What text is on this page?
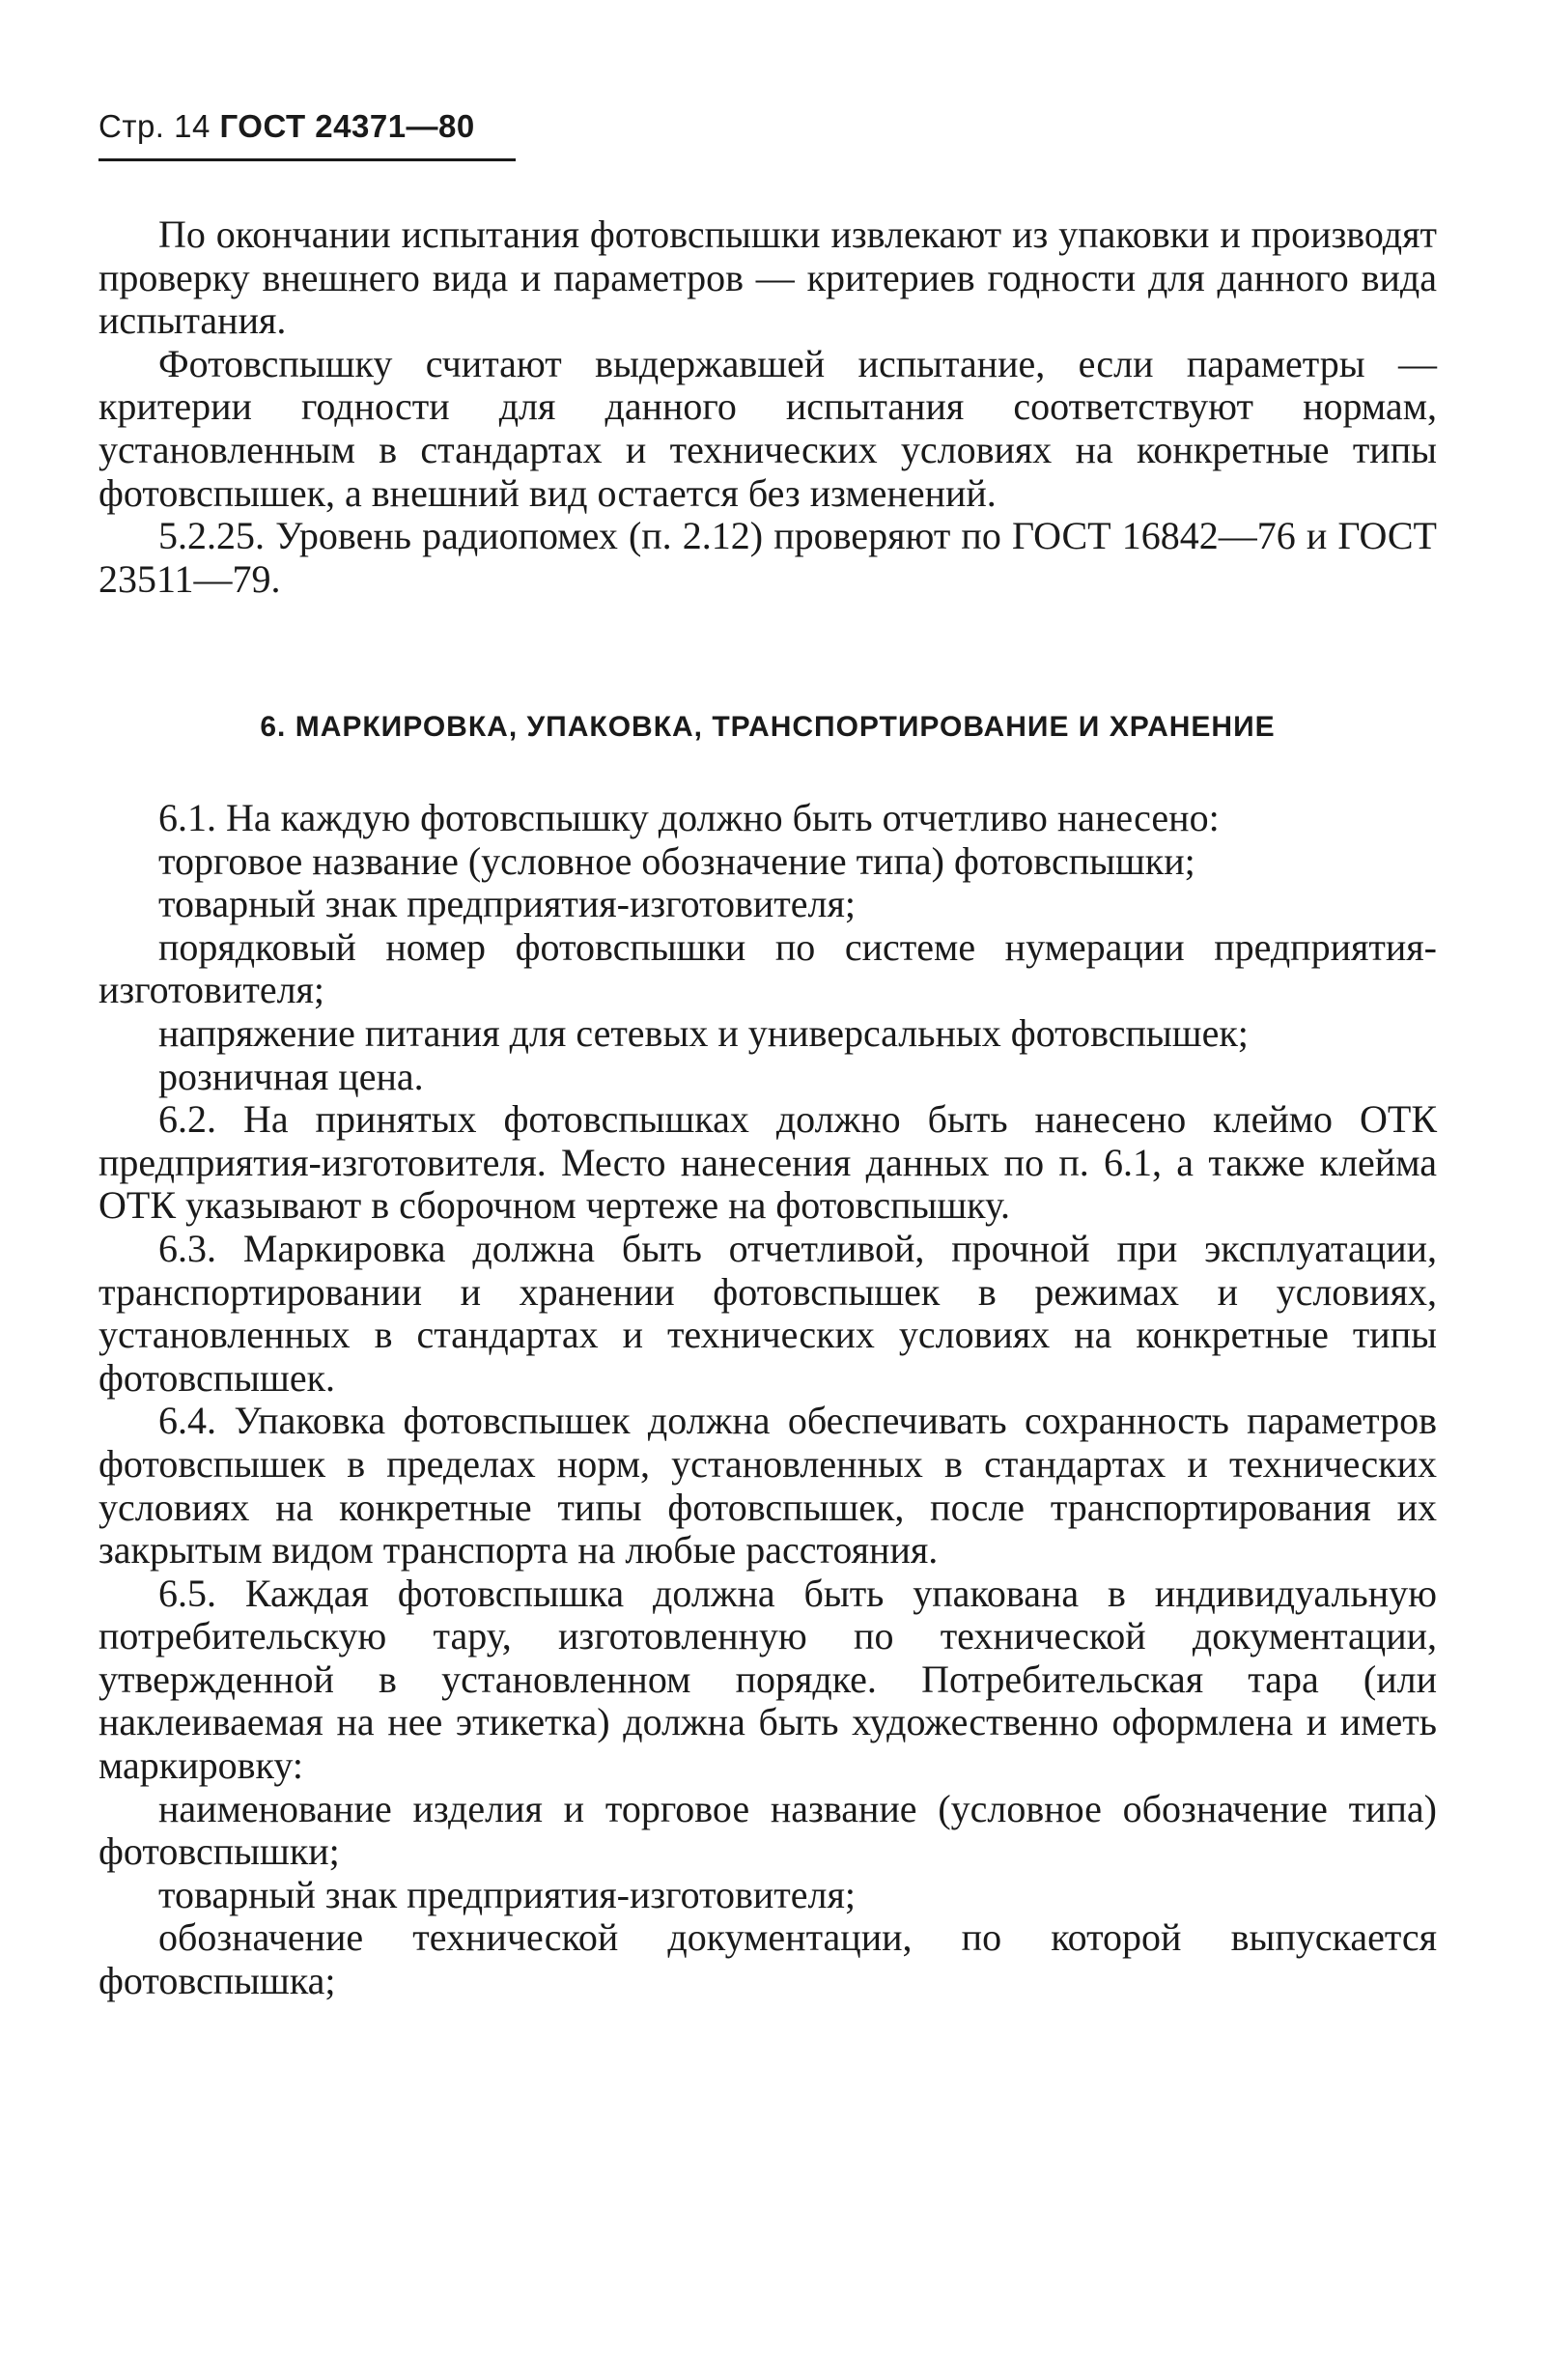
Стр. 14 ГОСТ 24371—80

По окончании испытания фотовспышки извлекают из упаковки и производят проверку внешнего вида и параметров — критериев годности для данного вида испытания.

Фотовспышку считают выдержавшей испытание, если параметры — критерии годности для данного испытания соответствуют нормам, установленным в стандартах и технических условиях на конкретные типы фотовспышек, а внешний вид остается без изменений.

5.2.25. Уровень радиопомех (п. 2.12) проверяют по ГОСТ 16842—76 и ГОСТ 23511—79.

6. МАРКИРОВКА, УПАКОВКА, ТРАНСПОРТИРОВАНИЕ И ХРАНЕНИЕ

6.1. На каждую фотовспышку должно быть отчетливо нанесено:

торговое название (условное обозначение типа) фотовспышки;

товарный знак предприятия-изготовителя;

порядковый номер фотовспышки по системе нумерации предприятия-изготовителя;

напряжение питания для сетевых и универсальных фотовспышек;

розничная цена.

6.2. На принятых фотовспышках должно быть нанесено клеймо ОТК предприятия-изготовителя. Место нанесения данных по п. 6.1, а также клейма ОТК указывают в сборочном чертеже на фотовспышку.

6.3. Маркировка должна быть отчетливой, прочной при эксплуатации, транспортировании и хранении фотовспышек в режимах и условиях, установленных в стандартах и технических условиях на конкретные типы фотовспышек.

6.4. Упаковка фотовспышек должна обеспечивать сохранность параметров фотовспышек в пределах норм, установленных в стандартах и технических условиях на конкретные типы фотовспышек, после транспортирования их закрытым видом транспорта на любые расстояния.

6.5. Каждая фотовспышка должна быть упакована в индивидуальную потребительскую тару, изготовленную по технической документации, утвержденной в установленном порядке. Потребительская тара (или наклеиваемая на нее этикетка) должна быть художественно оформлена и иметь маркировку:

наименование изделия и торговое название (условное обозначение типа) фотовспышки;

товарный знак предприятия-изготовителя;

обозначение технической документации, по которой выпускается фотовспышка;
